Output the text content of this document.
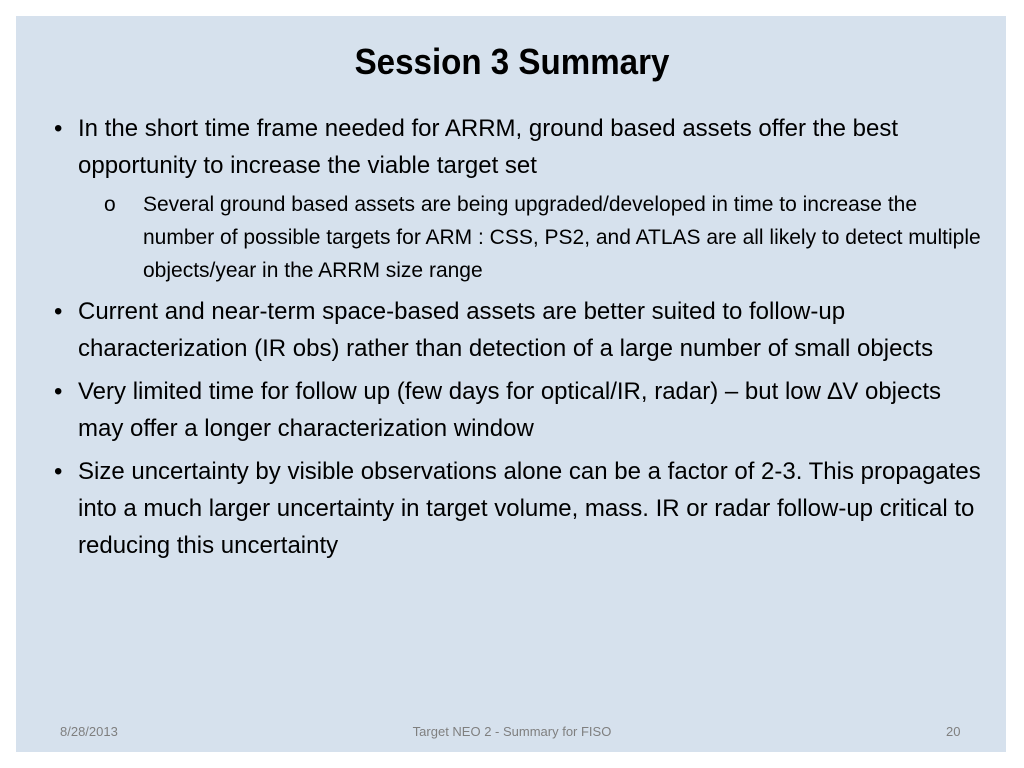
Session 3 Summary
• In the short time frame needed for ARRM, ground based assets offer the best opportunity to increase the viable target set
o Several ground based assets are being upgraded/developed in time to increase the number of possible targets for ARM : CSS, PS2, and ATLAS are all likely to detect multiple objects/year in the ARRM size range
• Current and near-term space-based assets are better suited to follow-up characterization (IR obs) rather than detection of a large number of small objects
• Very limited time for follow up (few days for optical/IR, radar) – but low ∆V objects may offer a longer characterization window
• Size uncertainty by visible observations alone can be a factor of 2-3. This propagates into a much larger uncertainty in target volume, mass. IR or radar follow-up critical to reducing this uncertainty
8/28/2013	Target NEO 2 - Summary for FISO	20
